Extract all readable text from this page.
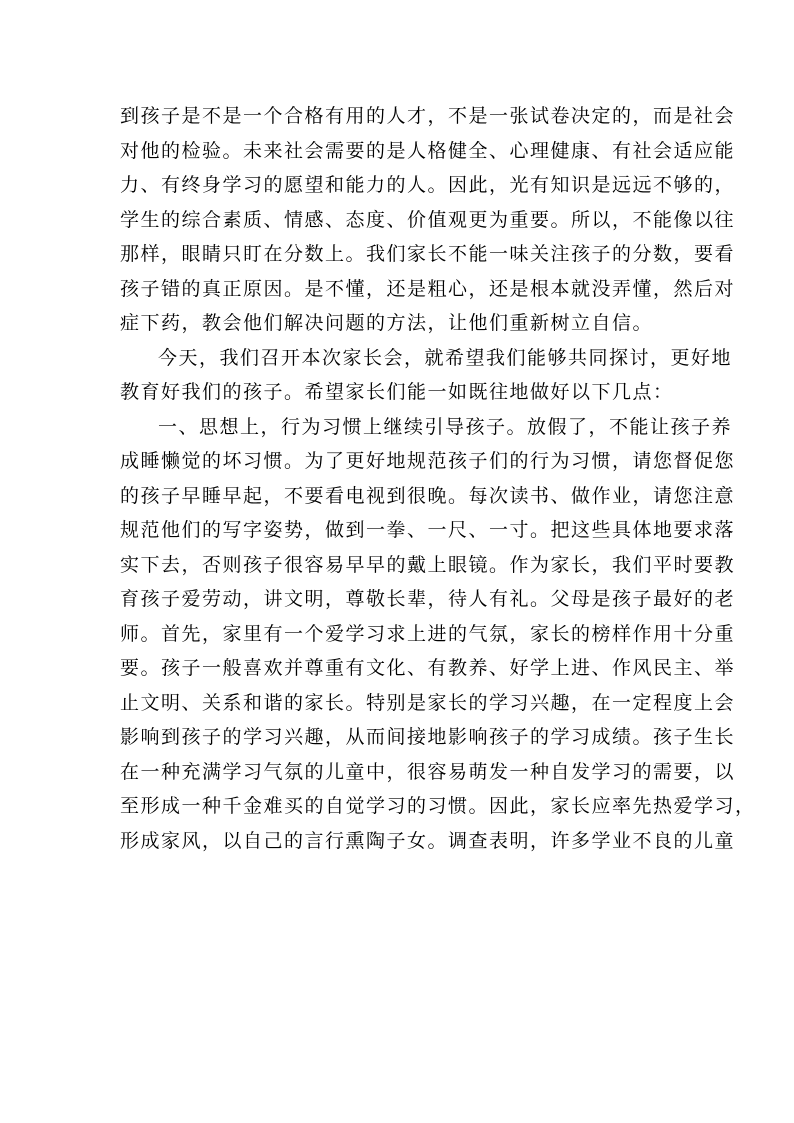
到孩子是不是一个合格有用的人才，不是一张试卷决定的，而是社会
对他的检验。未来社会需要的是人格健全、心理健康、有社会适应能
力、有终身学习的愿望和能力的人。因此，光有知识是远远不够的，
学生的综合素质、情感、态度、价值观更为重要。所以，不能像以往
那样，眼睛只盯在分数上。我们家长不能一味关注孩子的分数，要看
孩子错的真正原因。是不懂，还是粗心，还是根本就没弄懂，然后对
症下药，教会他们解决问题的方法，让他们重新树立自信。
今天，我们召开本次家长会，就希望我们能够共同探讨，更好地
教育好我们的孩子。希望家长们能一如既往地做好以下几点：
一、思想上，行为习惯上继续引导孩子。放假了，不能让孩子养
成睡懒觉的坏习惯。为了更好地规范孩子们的行为习惯，请您督促您
的孩子早睡早起，不要看电视到很晚。每次读书、做作业，请您注意
规范他们的写字姿势，做到一拳、一尺、一寸。把这些具体地要求落
实下去，否则孩子很容易早早的戴上眼镜。作为家长，我们平时要教
育孩子爱劳动，讲文明，尊敬长辈，待人有礼。父母是孩子最好的老
师。首先，家里有一个爱学习求上进的气氛，家长的榜样作用十分重
要。孩子一般喜欢并尊重有文化、有教养、好学上进、作风民主、举
止文明、关系和谐的家长。特别是家长的学习兴趣，在一定程度上会
影响到孩子的学习兴趣，从而间接地影响孩子的学习成绩。孩子生长
在一种充满学习气氛的儿童中，很容易萌发一种自发学习的需要，以
至形成一种千金难买的自觉学习的习惯。因此，家长应率先热爱学习，
形成家风，以自己的言行熏陶子女。调查表明，许多学业不良的儿童
